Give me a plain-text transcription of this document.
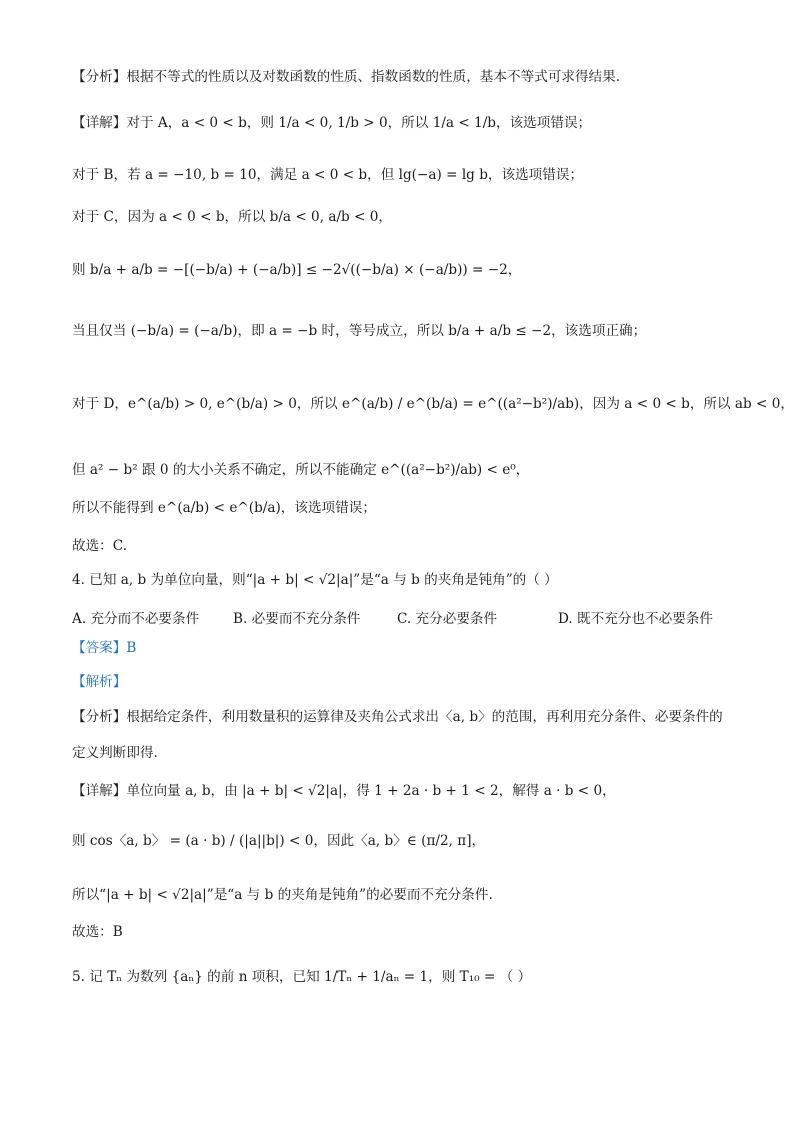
【分析】根据不等式的性质以及对数函数的性质、指数函数的性质，基本不等式可求得结果.
【详解】对于 A，a < 0 < b，则 1/a < 0, 1/b > 0，所以 1/a < 1/b，该选项错误；
对于 B，若 a = −10, b = 10，满足 a < 0 < b，但 lg(−a) = lg b，该选项错误；
对于 C，因为 a < 0 < b，所以 b/a < 0, a/b < 0，
则 b/a + a/b = −[(−b/a) + (−a/b)] ≤ −2√((−b/a) × (−a/b)) = −2，
当且仅当 (−b/a) = (−a/b)，即 a = −b 时，等号成立，所以 b/a + a/b ≤ −2，该选项正确；
对于 D，e^(a/b) > 0, e^(b/a) > 0，所以 e^(a/b) / e^(b/a) = e^((a²−b²)/ab)，因为 a < 0 < b，所以 ab < 0，
但 a² − b² 跟 0 的大小关系不确定，所以不能确定 e^((a²−b²)/ab) < e⁰，
所以不能得到 e^(a/b) < e^(b/a)，该选项错误；
故选：C.
4. 已知 a, b 为单位向量，则“|a + b| < √2|a|”是“a 与 b 的夹角是钝角”的（ ）
A. 充分而不必要条件 B. 必要而不充分条件	C. 充分必要条件	D. 既不充分也不必要条件
【答案】B
【解析】
【分析】根据给定条件，利用数量积的运算律及夹角公式求出〈a, b〉的范围，再利用充分条件、必要条件的
定义判断即得.
【详解】单位向量 a, b，由 |a + b| < √2|a|，得 1 + 2a · b + 1 < 2，解得 a · b < 0，
则 cos〈a, b〉 = (a · b) / (|a||b|) < 0，因此〈a, b〉∈ (π/2, π]，
所以“|a + b| < √2|a|”是“a 与 b 的夹角是钝角”的必要而不充分条件.
故选：B
5. 记 Tₙ 为数列 {aₙ} 的前 n 项积，已知 1/Tₙ + 1/aₙ = 1，则 T₁₀ = （ ）
